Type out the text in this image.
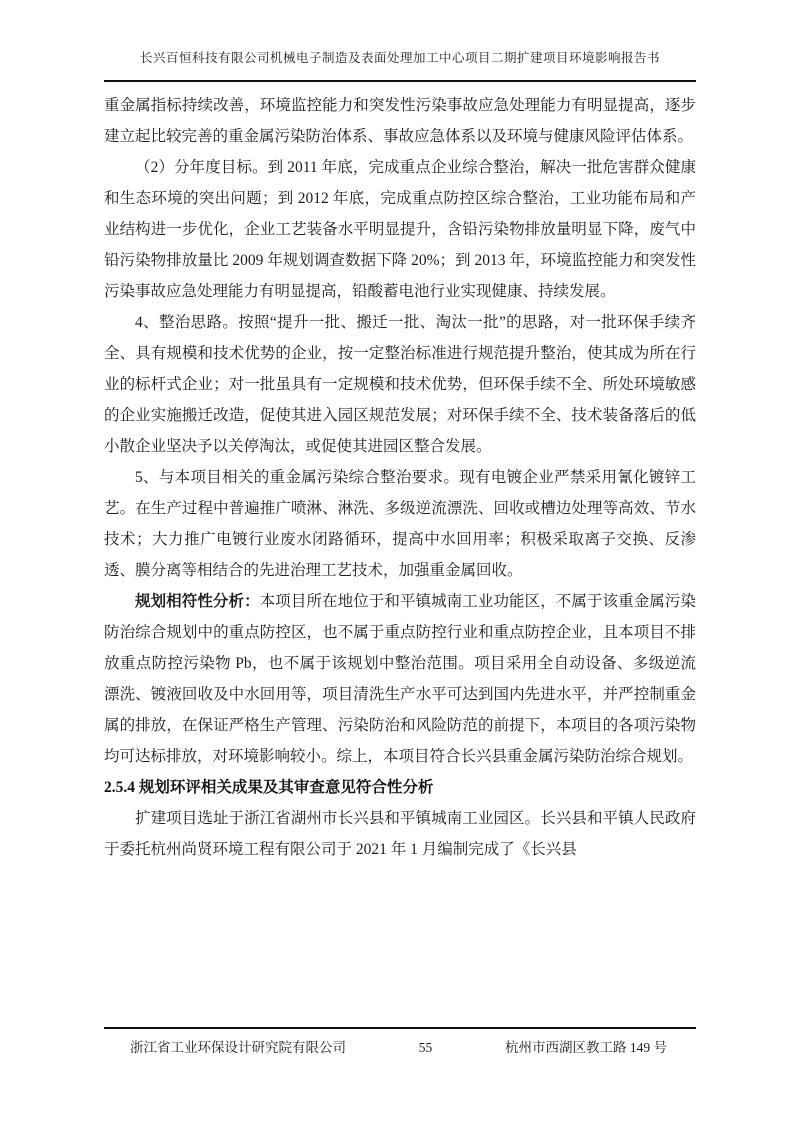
长兴百恒科技有限公司机械电子制造及表面处理加工中心项目二期扩建项目环境影响报告书

重金属指标持续改善，环境监控能力和突发性污染事故应急处理能力有明显提高，逐步建立起比较完善的重金属污染防治体系、事故应急体系以及环境与健康风险评估体系。

（2）分年度目标。到 2011 年底，完成重点企业综合整治，解决一批危害群众健康和生态环境的突出问题；到 2012 年底，完成重点防控区综合整治，工业功能布局和产业结构进一步优化，企业工艺装备水平明显提升，含铅污染物排放量明显下降，废气中铅污染物排放量比 2009 年规划调查数据下降 20%；到 2013 年，环境监控能力和突发性污染事故应急处理能力有明显提高，铅酸蓄电池行业实现健康、持续发展。

4、整治思路。按照“提升一批、搬迁一批、淘汰一批”的思路，对一批环保手续齐全、具有规模和技术优势的企业，按一定整治标准进行规范提升整治，使其成为所在行业的标杆式企业；对一批虽具有一定规模和技术优势，但环保手续不全、所处环境敏感的企业实施搬迁改造，促使其进入园区规范发展；对环保手续不全、技术装备落后的低小散企业坚决予以关停淘汰，或促使其进园区整合发展。

5、与本项目相关的重金属污染综合整治要求。现有电镀企业严禁采用氰化镀锌工艺。在生产过程中普遍推广喷淋、淋洗、多级逆流漂洗、回收或槽边处理等高效、节水技术；大力推广电镀行业废水闭路循环，提高中水回用率；积极采取离子交换、反渗透、膜分离等相结合的先进治理工艺技术，加强重金属回收。

规划相符性分析：本项目所在地位于和平镇城南工业功能区，不属于该重金属污染防治综合规划中的重点防控区，也不属于重点防控行业和重点防控企业，且本项目不排放重点防控污染物 Pb，也不属于该规划中整治范围。项目采用全自动设备、多级逆流漂洗、镀液回收及中水回用等，项目清洗生产水平可达到国内先进水平，并严控制重金属的排放，在保证严格生产管理、污染防治和风险防范的前提下，本项目的各项污染物均可达标排放，对环境影响较小。综上，本项目符合长兴县重金属污染防治综合规划。

2.5.4 规划环评相关成果及其审查意见符合性分析

扩建项目选址于浙江省湖州市长兴县和平镇城南工业园区。长兴县和平镇人民政府于委托杭州尚贤环境工程有限公司于 2021 年 1 月编制完成了《长兴县

浙江省工业环保设计研究院有限公司	55	杭州市西湖区教工路 149 号
